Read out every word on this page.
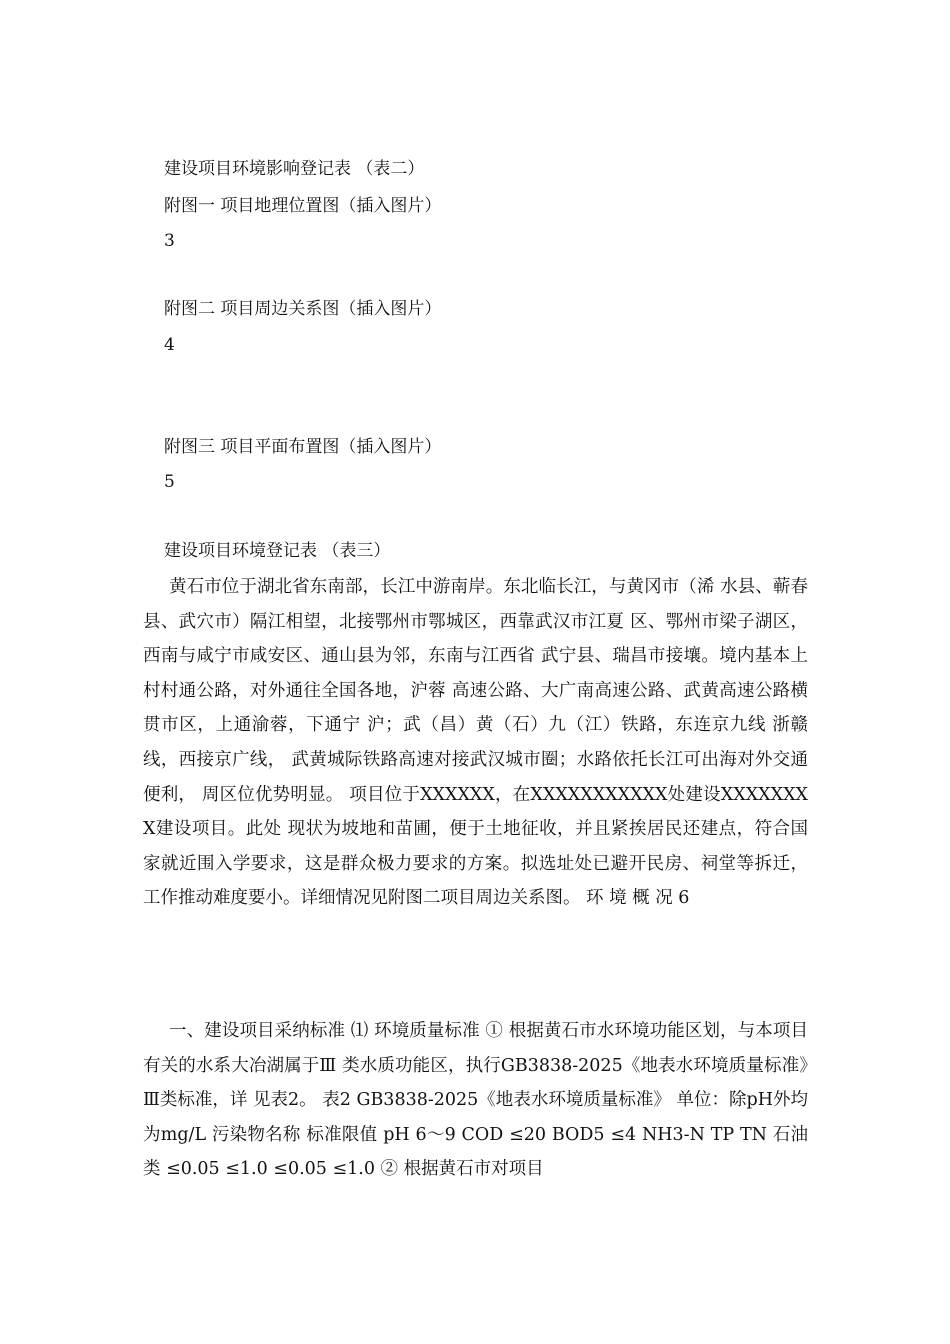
建设项目环境影响登记表 （表二）
附图一 项目地理位置图（插入图片）
3
附图二 项目周边关系图（插入图片）
4
附图三 项目平面布置图（插入图片）
5
建设项目环境登记表 （表三）

黄石市位于湖北省东南部，长江中游南岸。东北临长江，与黄冈市（浠 水县、蕲春县、武穴市）隔江相望，北接鄂州市鄂城区，西靠武汉市江夏 区、鄂州市梁子湖区，西南与咸宁市咸安区、通山县为邻，东南与江西省 武宁县、瑞昌市接壤。境内基本上村村通公路，对外通往全国各地，沪蓉 高速公路、大广南高速公路、武黄高速公路横贯市区，上通渝蓉，下通宁 沪；武（昌）黄（石）九（江）铁路，东连京九线 浙赣线，西接京广线， 武黄城际铁路高速对接武汉城市圈；水路依托长江可出海对外交通便利， 周区位优势明显。 项目位于XXXXXX，在XXXXXXXXXXX处建设XXXXXXXX建设项目。此处 现状为坡地和苗圃，便于土地征收，并且紧挨居民还建点，符合国家就近围入学要求，这是群众极力要求的方案。拟选址处已避开民房、祠堂等拆迁， 工作推动难度要小。详细情况见附图二项目周边关系图。 环 境 概 况 6

一、建设项目采纳标准 ⑴ 环境质量标准 ① 根据黄石市水环境功能区划，与本项目有关的水系大冶湖属于Ⅲ 类水质功能区，执行GB3838-2025《地表水环境质量标准》Ⅲ类标准，详 见表2。 表2 GB3838-2025《地表水环境质量标准》 单位：除pH外均为mg/L 污染物名称 标准限值 pH 6～9 COD ≤20 BOD5 ≤4 NH3-N TP TN 石油类 ≤0.05 ≤1.0 ≤0.05 ≤1.0 ② 根据黄石市对项目
